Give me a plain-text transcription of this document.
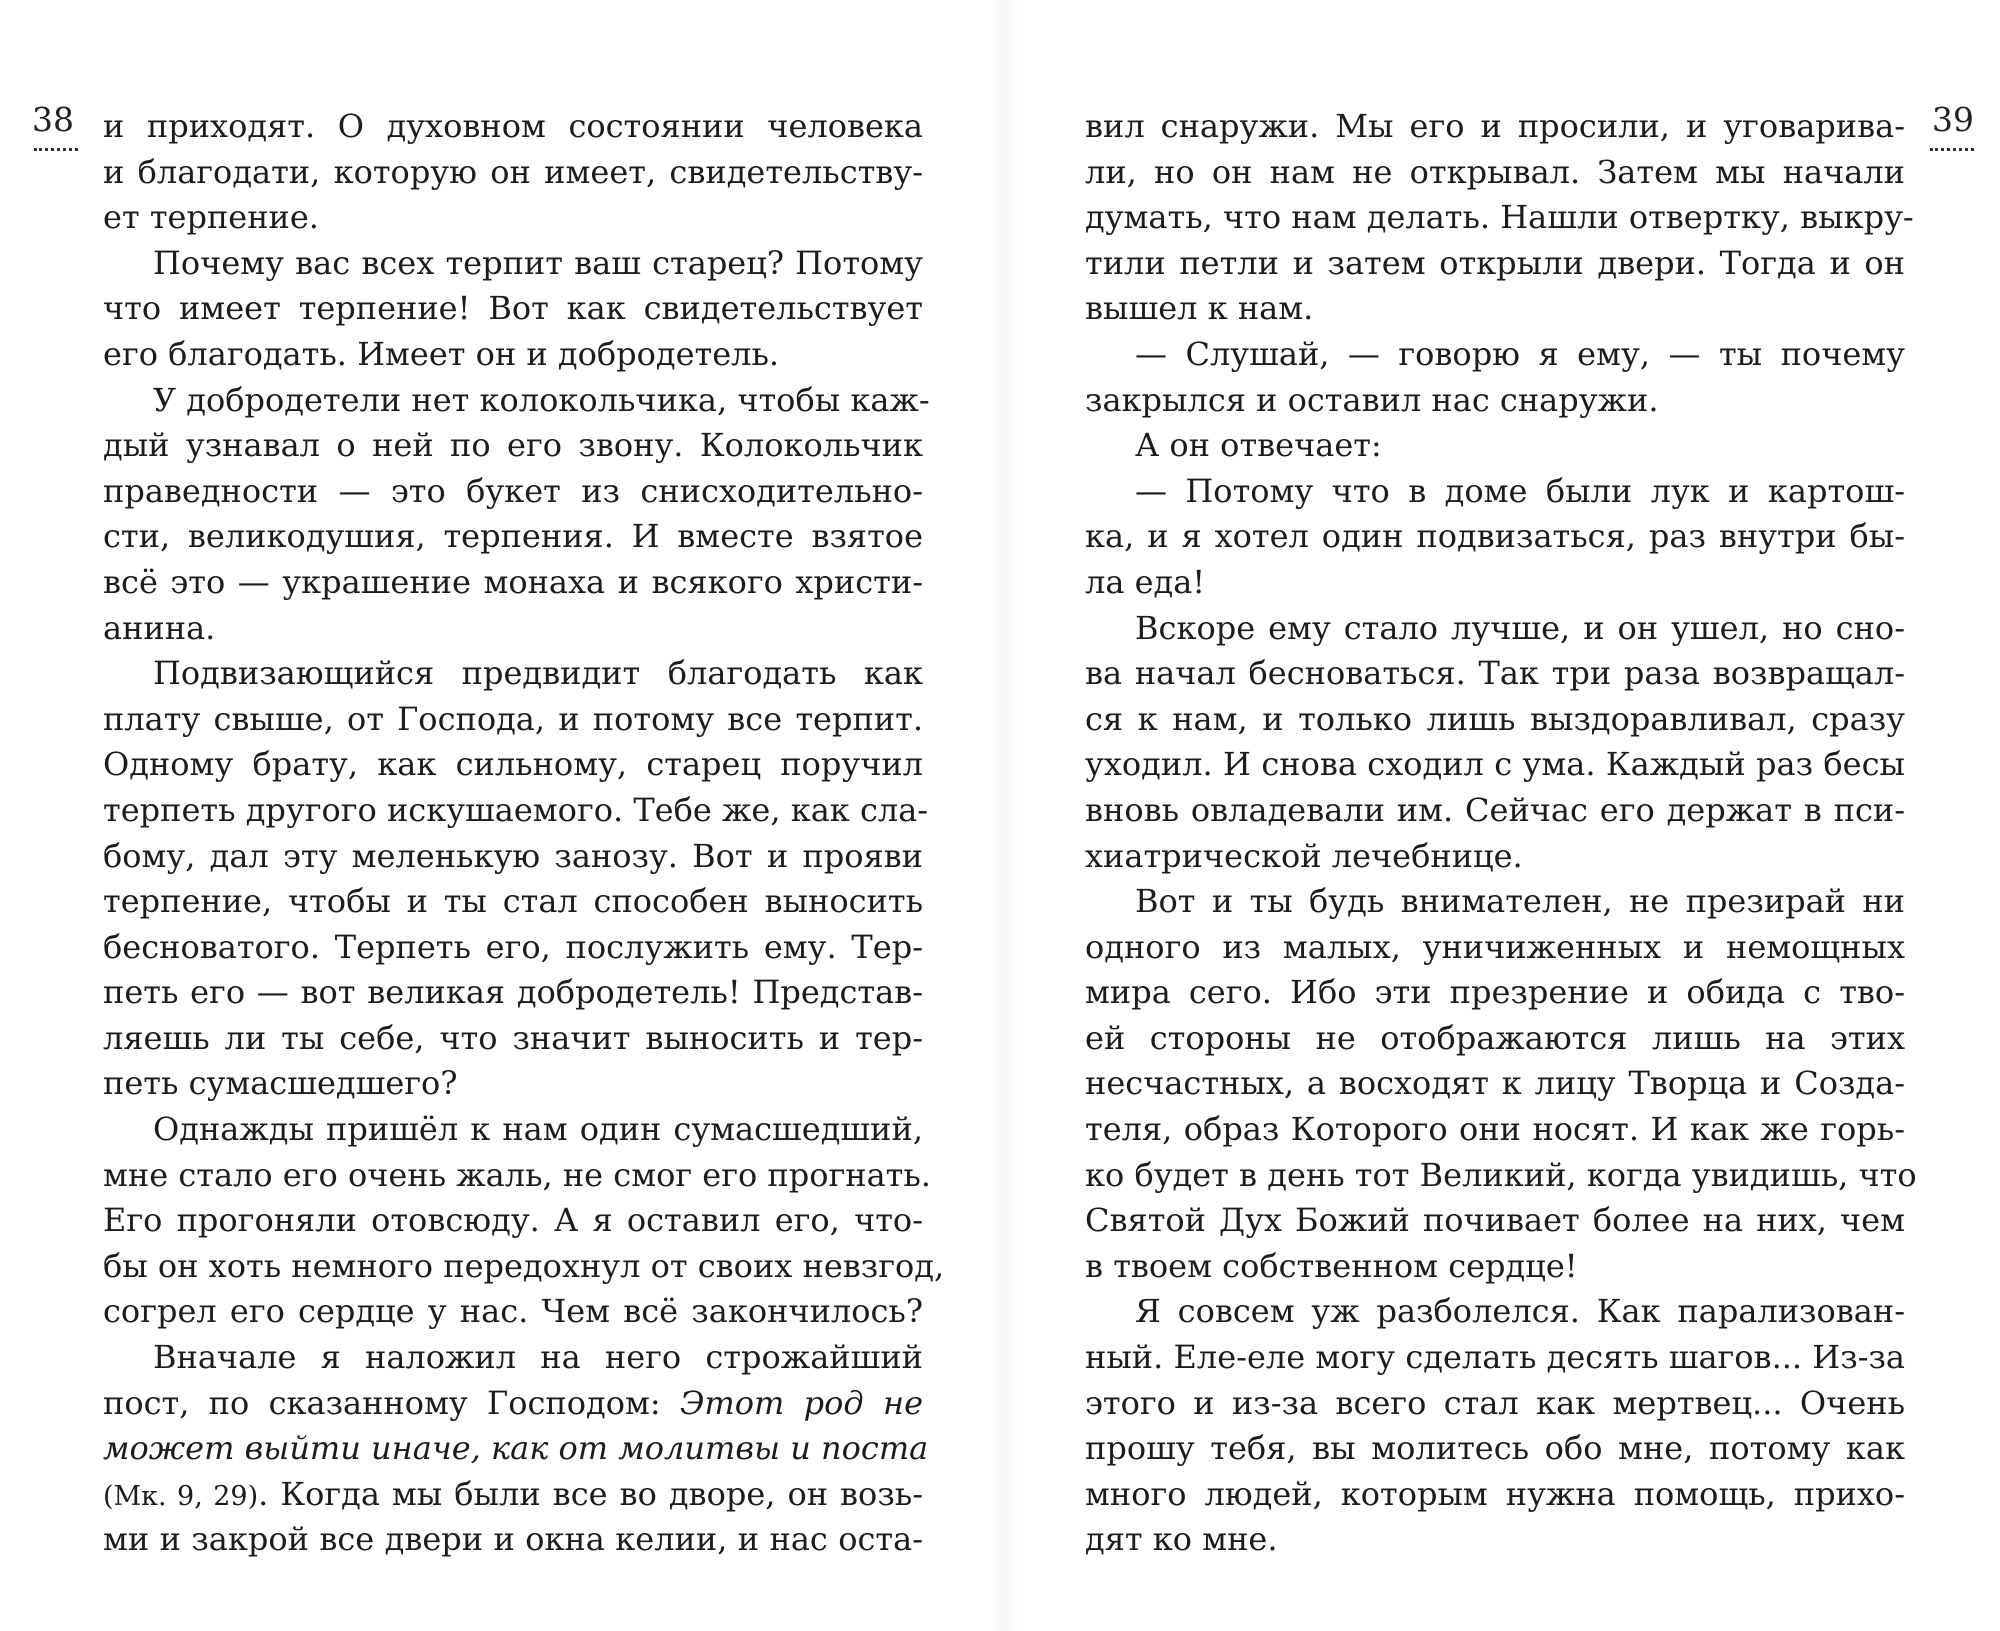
38	39
и приходят. О духовном состоянии человека
и благодати, которую он имеет, свидетельству-
ет терпение.
Почему вас всех терпит ваш старец? Потому
что имеет терпение! Вот как свидетельствует
его благодать. Имеет он и добродетель.
У добродетели нет колокольчика, чтобы каж-
дый узнавал о ней по его звону. Колокольчик
праведности — это букет из снисходительно-
сти, великодушия, терпения. И вместе взятое
всё это — украшение монаха и всякого христи-
анина.
Подвизающийся предвидит благодать как
плату свыше, от Господа, и потому все терпит.
Одному брату, как сильному, старец поручил
терпеть другого искушаемого. Тебе же, как сла-
бому, дал эту меленькую занозу. Вот и прояви
терпение, чтобы и ты стал способен выносить
бесноватого. Терпеть его, послужить ему. Тер-
петь его — вот великая добродетель! Представ-
ляешь ли ты себе, что значит выносить и тер-
петь сумасшедшего?
Однажды пришёл к нам один сумасшедший,
мне стало его очень жаль, не смог его прогнать.
Его прогоняли отовсюду. А я оставил его, что-
бы он хоть немного передохнул от своих невзгод,
согрел его сердце у нас. Чем всё закончилось?
Вначале я наложил на него строжайший
пост, по сказанному Господом: Этот род не
может выйти иначе, как от молитвы и поста
(Мк. 9, 29). Когда мы были все во дворе, он возь-
ми и закрой все двери и окна келии, и нас оста-
вил снаружи. Мы его и просили, и уговарива-
ли, но он нам не открывал. Затем мы начали
думать, что нам делать. Нашли отвертку, выкру-
тили петли и затем открыли двери. Тогда и он
вышел к нам.
— Слушай, — говорю я ему, — ты почему
закрылся и оставил нас снаружи.
А он отвечает:
— Потому что в доме были лук и картош-
ка, и я хотел один подвизаться, раз внутри бы-
ла еда!
Вскоре ему стало лучше, и он ушел, но сно-
ва начал бесноваться. Так три раза возвращал-
ся к нам, и только лишь выздоравливал, сразу
уходил. И снова сходил с ума. Каждый раз бесы
вновь овладевали им. Сейчас его держат в пси-
хиатрической лечебнице.
Вот и ты будь внимателен, не презирай ни
одного из малых, уничиженных и немощных
мира сего. Ибо эти презрение и обида с тво-
ей стороны не отображаются лишь на этих
несчастных, а восходят к лицу Творца и Созда-
теля, образ Которого они носят. И как же горь-
ко будет в день тот Великий, когда увидишь, что
Святой Дух Божий почивает более на них, чем
в твоем собственном сердце!
Я совсем уж разболелся. Как парализован-
ный. Еле-еле могу сделать десять шагов... Из-за
этого и из-за всего стал как мертвец... Очень
прошу тебя, вы молитесь обо мне, потому как
много людей, которым нужна помощь, прихо-
дят ко мне.
